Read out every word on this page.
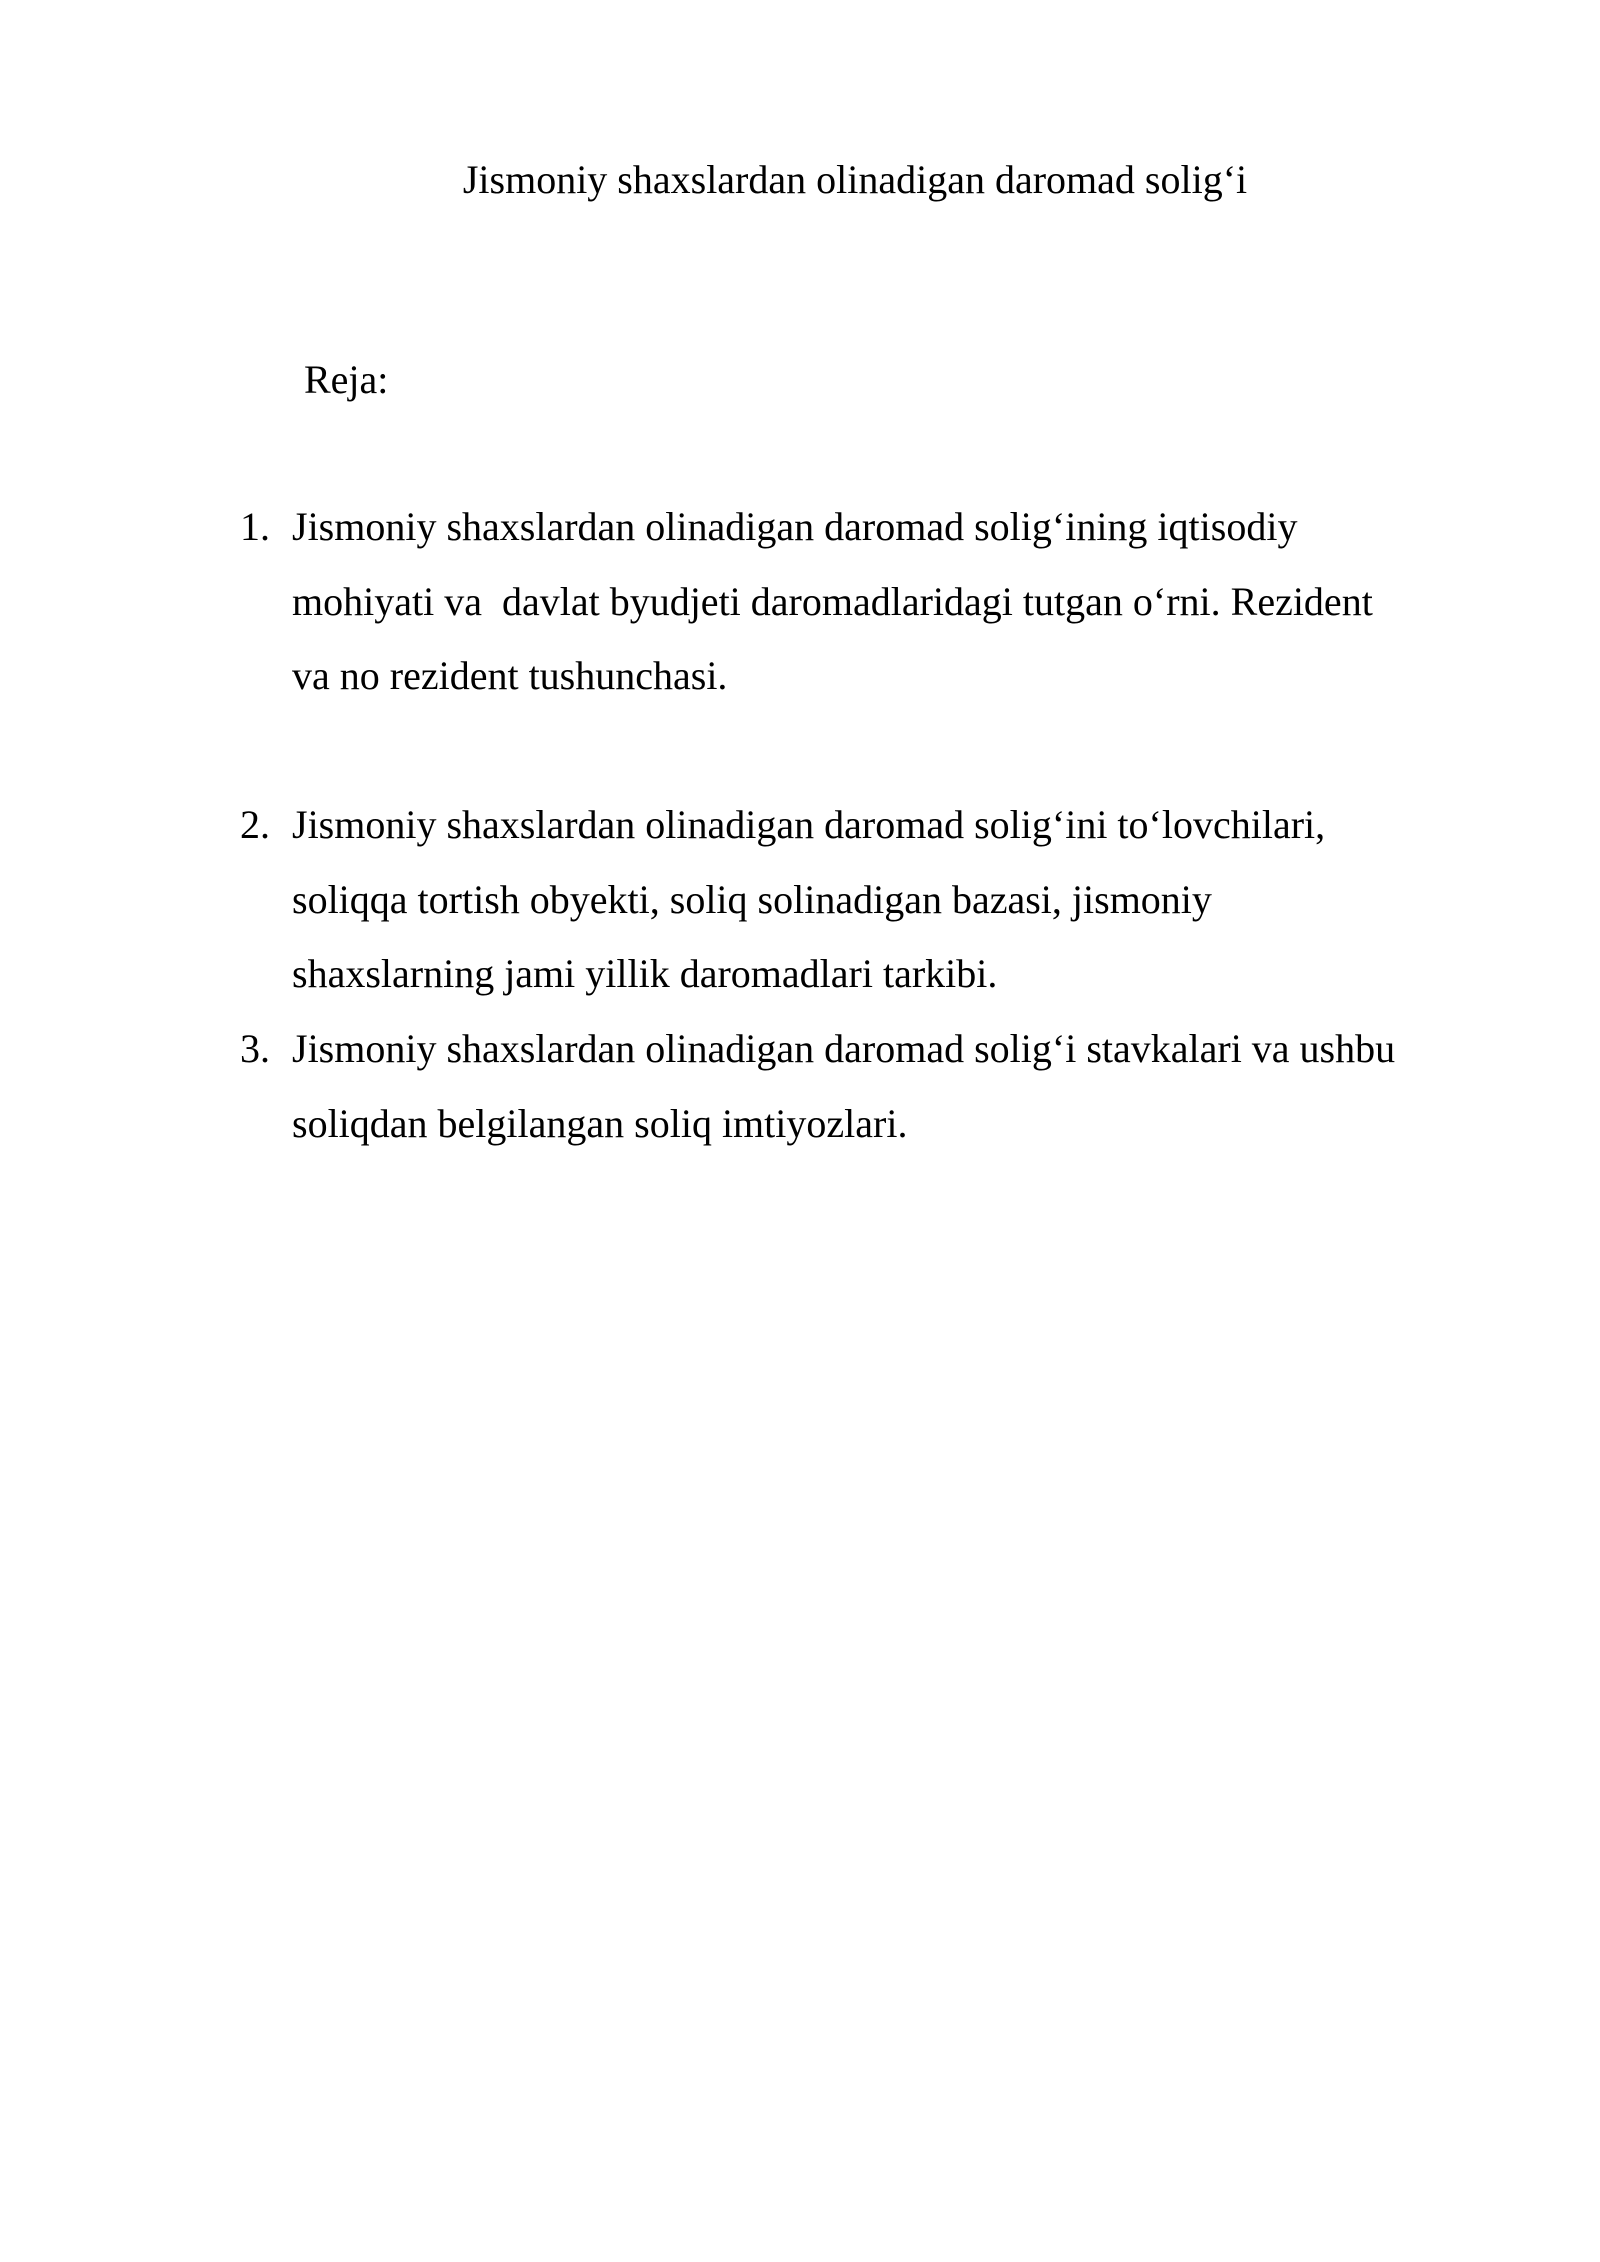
Jismoniy shaxslardan olinadigan daromad solig‘i
Reja:
1. Jismoniy shaxslardan olinadigan daromad solig‘ining iqtisodiy
mohiyati va  davlat byudjeti daromadlaridagi tutgan o‘rni. Rezident
va no rezident tushunchasi.
2. Jismoniy shaxslardan olinadigan daromad solig‘ini to‘lovchilari,
soliqqa tortish obyekti, soliq solinadigan bazasi, jismoniy
shaxslarning jami yillik daromadlari tarkibi.
3. Jismoniy shaxslardan olinadigan daromad solig‘i stavkalari va ushbu
soliqdan belgilangan soliq imtiyozlari.
